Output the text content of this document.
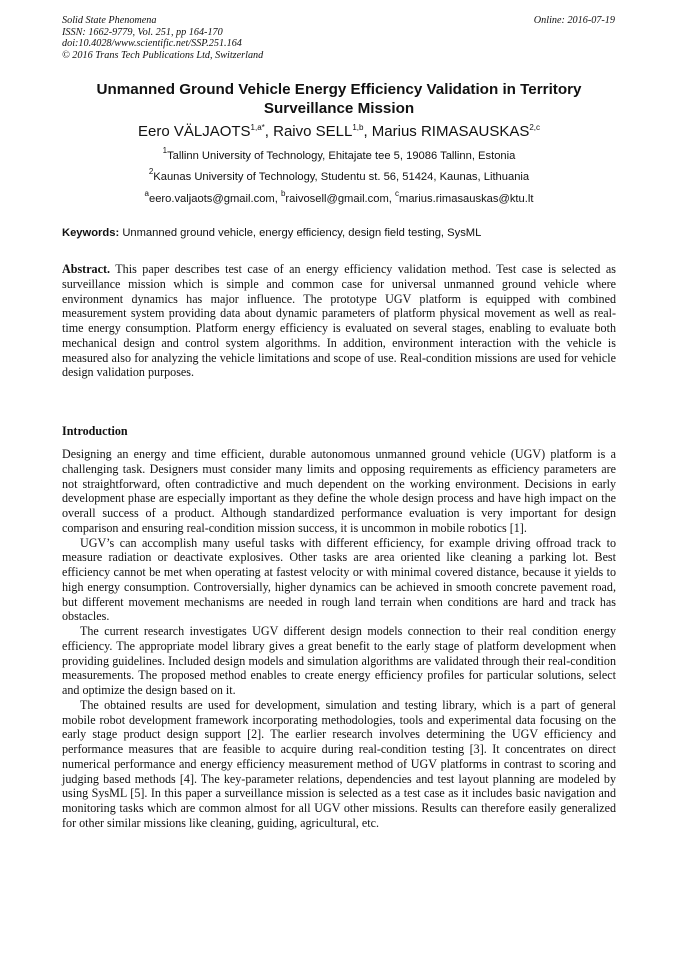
Solid State Phenomena
ISSN: 1662-9779, Vol. 251, pp 164-170
doi:10.4028/www.scientific.net/SSP.251.164
© 2016 Trans Tech Publications Ltd, Switzerland
Online: 2016-07-19
Unmanned Ground Vehicle Energy Efficiency Validation in Territory Surveillance Mission
Eero $VÄLJAOTS^{1,a*}$, Raivo SELL$^{1,b}$, Marius RIMASAUSKAS$^{2,c}$
$^1$Tallinn University of Technology, Ehitajate tee 5, 19086 Tallinn, Estonia
$^2$Kaunas University of Technology, Studentu st. 56, 51424, Kaunas, Lithuania
$^a$eero.valjaots@gmail.com, $^b$raivosell@gmail.com, $^c$marius.rimasauskas@ktu.lt
Keywords: Unmanned ground vehicle, energy efficiency, design field testing, SysML
Abstract. This paper describes test case of an energy efficiency validation method. Test case is selected as surveillance mission which is simple and common case for universal unmanned ground vehicle where environment dynamics has major influence. The prototype UGV platform is equipped with combined measurement system providing data about dynamic parameters of platform physical movement as well as real-time energy consumption. Platform energy efficiency is evaluated on several stages, enabling to evaluate both mechanical design and control system algorithms. In addition, environment interaction with the vehicle is measured also for analyzing the vehicle limitations and scope of use. Real-condition missions are used for vehicle design validation purposes.
Introduction

Designing an energy and time efficient, durable autonomous unmanned ground vehicle (UGV) platform is a challenging task. Designers must consider many limits and opposing requirements as efficiency parameters are not straightforward, often contradictive and much dependent on the working environment. Decisions in early development phase are especially important as they define the whole design process and have high impact on the overall success of a product. Although standardized performance evaluation is very important for design comparison and ensuring real-condition mission success, it is uncommon in mobile robotics [1].

UGV’s can accomplish many useful tasks with different efficiency, for example driving offroad track to measure radiation or deactivate explosives. Other tasks are area oriented like cleaning a parking lot. Best efficiency cannot be met when operating at fastest velocity or with minimal covered distance, because it yields to high energy consumption. Controversially, higher dynamics can be achieved in smooth concrete pavement road, but different movement mechanisms are needed in rough land terrain when conditions are hard and track has obstacles.

The current research investigates UGV different design models connection to their real condition energy efficiency. The appropriate model library gives a great benefit to the early stage of platform development when providing guidelines. Included design models and simulation algorithms are validated through their real-condition measurements. The proposed method enables to create energy efficiency profiles for particular solutions, select and optimize the design based on it.

The obtained results are used for development, simulation and testing library, which is a part of general mobile robot development framework incorporating methodologies, tools and experimental data focusing on the early stage product design support [2]. The earlier research involves determining the UGV efficiency and performance measures that are feasible to acquire during real-condition testing [3]. It concentrates on direct numerical performance and energy efficiency measurement method of UGV platforms in contrast to scoring and judging based methods [4]. The key-parameter relations, dependencies and test layout planning are modeled by using SysML [5]. In this paper a surveillance mission is selected as a test case as it includes basic navigation and monitoring tasks which are common almost for all UGV other missions. Results can therefore easily generalized for other similar missions like cleaning, guiding, agricultural, etc.
